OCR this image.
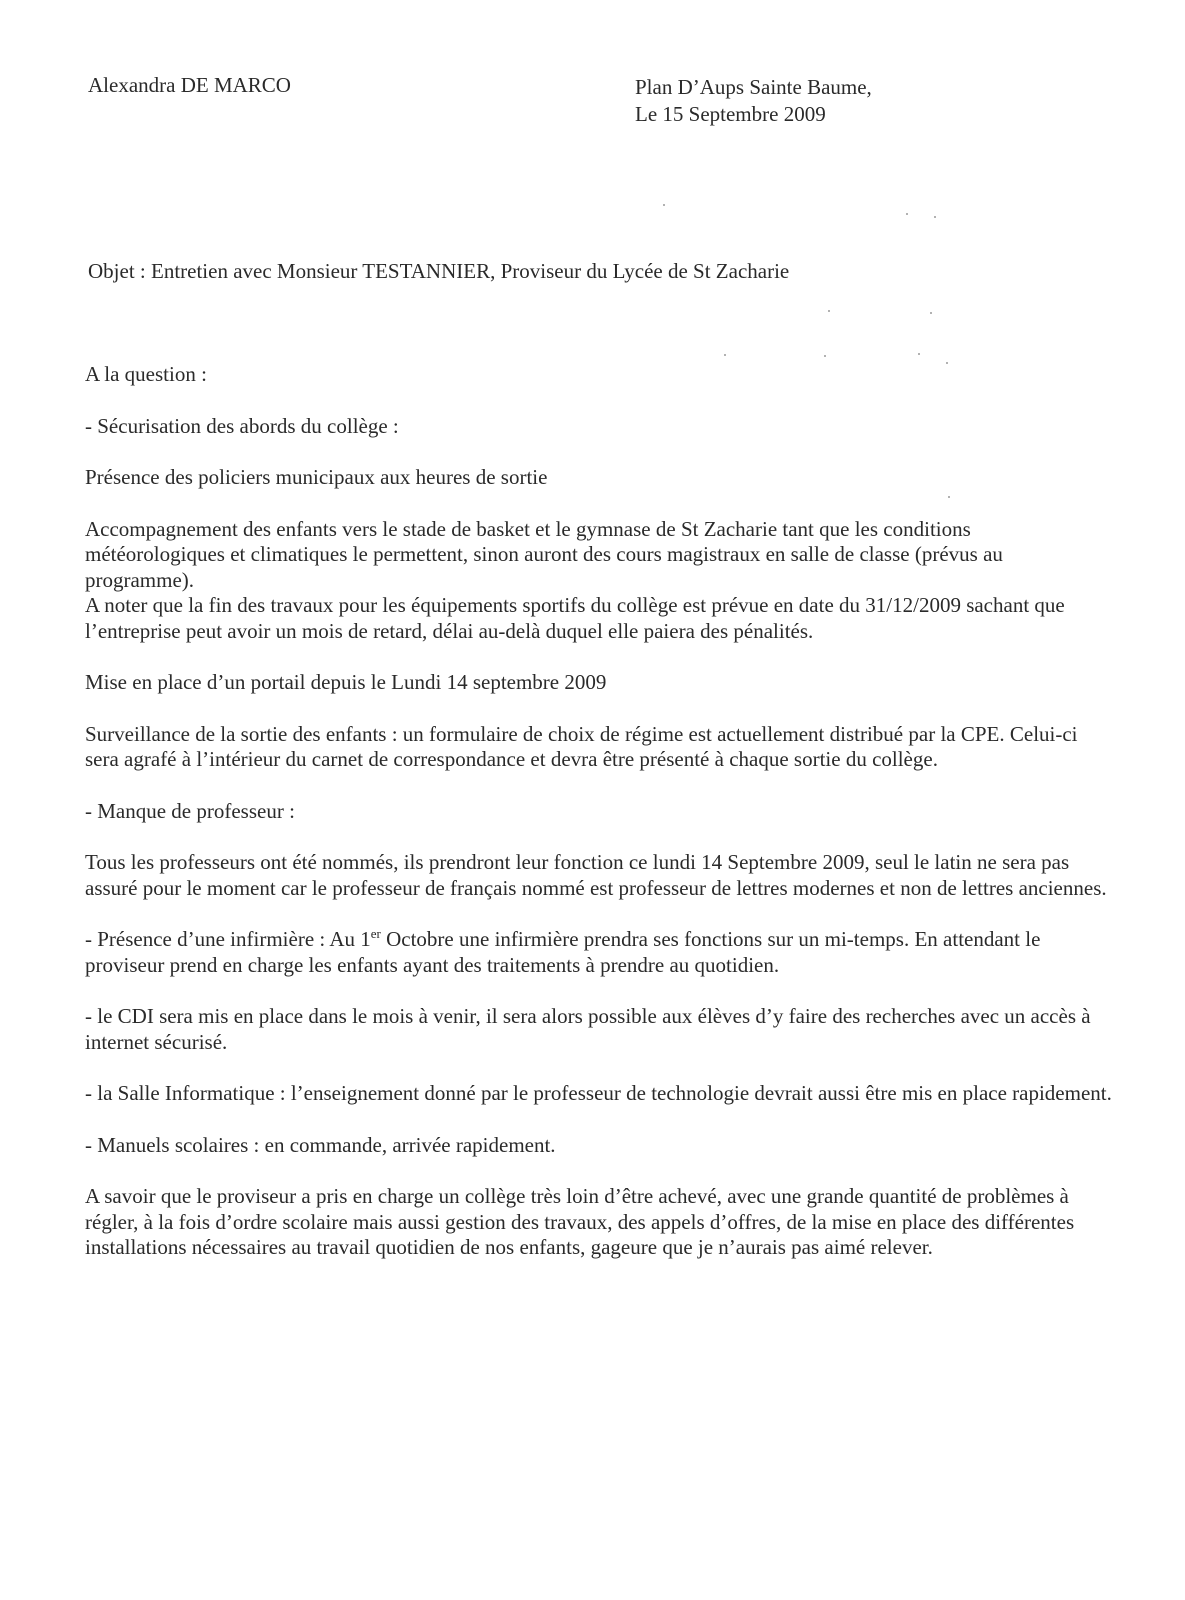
Alexandra DE MARCO	Plan D’Aups Sainte Baume,
Le 15 Septembre 2009
Objet : Entretien avec Monsieur TESTANNIER, Proviseur du Lycée de St Zacharie

A la question :

- Sécurisation des abords du collège :

Présence des policiers municipaux aux heures de sortie

Accompagnement des enfants vers le stade de basket et le gymnase de St Zacharie tant que les conditions météorologiques et climatiques le permettent, sinon auront des cours magistraux en salle de classe (prévus au programme).

A noter que la fin des travaux pour les équipements sportifs du collège est prévue en date du 31/12/2009 sachant que l’entreprise peut avoir un mois de retard, délai au-delà duquel elle paiera des pénalités.

Mise en place d’un portail depuis le Lundi 14 septembre 2009

Surveillance de la sortie des enfants : un formulaire de choix de régime est actuellement distribué par la CPE. Celui-ci sera agrafé à l’intérieur du carnet de correspondance et devra être présenté à chaque sortie du collège.

- Manque de professeur :

Tous les professeurs ont été nommés, ils prendront leur fonction ce lundi 14 Septembre 2009, seul le latin ne sera pas assuré pour le moment car le professeur de français nommé est professeur de lettres modernes et non de lettres anciennes.

- Présence d’une infirmière : Au 1er Octobre une infirmière prendra ses fonctions sur un mi-temps. En attendant le proviseur prend en charge les enfants ayant des traitements à prendre au quotidien.

- le CDI sera mis en place dans le mois à venir, il sera alors possible aux élèves d’y faire des recherches avec un accès à internet sécurisé.

- la Salle Informatique : l’enseignement donné par le professeur de technologie devrait aussi être mis en place rapidement.

- Manuels scolaires : en commande, arrivée rapidement.

A savoir que le proviseur a pris en charge un collège très loin d’être achevé, avec une grande quantité de problèmes à régler, à la fois d’ordre scolaire mais aussi gestion des travaux, des appels d’offres, de la mise en place des différentes installations nécessaires au travail quotidien de nos enfants, gageure que je n’aurais pas aimé relever.
